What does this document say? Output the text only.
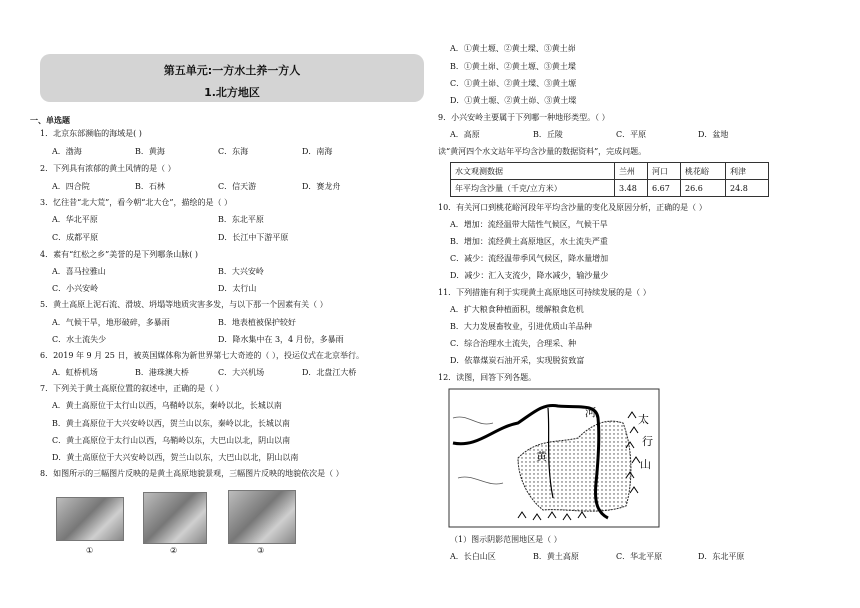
第五单元:一方水土养一方人
1.北方地区
一、单选题
1．北京东部濒临的海域是( )
A．渤海	B．黄海	C．东海	D．南海
2．下列具有浓郁的黄土风情的是（ ）
A．四合院	B．石林	C．信天游	D．赛龙舟
3．忆往昔“北大荒”，看今朝“北大仓”，描绘的是（ ）
A．华北平原	B．东北平原
C．成都平原	D．长江中下游平原
4．素有“红松之乡”美誉的是下列哪条山脉( )
A．喜马拉雅山	B．大兴安岭
C．小兴安岭	D．太行山
5．黄土高原上泥石流、滑坡、坍塌等地质灾害多发，与以下那一个因素有关（ ）
A．气候干旱，地形破碎，多暴雨	B．地表植被保护较好
C．水土流失少	D．降水集中在 3，4 月份，多暴雨
6．2019 年 9 月 25 日，被英国媒体称为新世界第七大奇迹的（ ），投运仪式在北京举行。
A．虹桥机场	B．港珠澳大桥	C．大兴机场	D．北盘江大桥
7．下列关于黄土高原位置的叙述中，正确的是（ ）
A．黄土高原位于太行山以西，乌鞘岭以东，秦岭以北，长城以南
B．黄土高原位于大兴安岭以西，贺兰山以东，秦岭以北，长城以南
C．黄土高原位于太行山以西，乌鞘岭以东，大巴山以北，阴山以南
D．黄土高原位于大兴安岭以西，贺兰山以东，大巴山以北，阴山以南
8．如图所示的三幅图片反映的是黄土高原地貌景观，三幅图片反映的地貌依次是（ ）
①	②	③
A．①黄土塬、②黄土墚、③黄土峁
B．①黄土峁、②黄土塬、③黄土墚
C．①黄土峁、②黄土墚、③黄土塬
D．①黄土塬、②黄土峁、③黄土墚
9．小兴安岭主要属于下列哪一种地形类型。（ ）
A．高原	B．丘陵	C．平原	D．盆地
读“黄河四个水文站年平均含沙量的数据资料”，完成问题。
水文观测数据	兰州	河口	桃花峪	利津
年平均含沙量（千克/立方米）	3.48	6.67	26.6	24.8
10．有关河口到桃花峪河段年平均含沙量的变化及原因分析，正确的是（ ）
A．增加：流经温带大陆性气候区，气候干旱
B．增加：流经黄土高原地区，水土流失严重
C．减少：流经温带季风气候区，降水量增加
D．减少：汇入支流少，降水减少，输沙量少
11．下列措施有利于实现黄土高原地区可持续发展的是（ ）
A．扩大粮食种植面积，缓解粮食危机
B．大力发展畜牧业，引进优质山羊品种
C．综合治理水土流失，合理采、种
D．依靠煤炭石油开采，实现脱贫致富
12．读图，回答下列各题。
河
太
行
山
黄
（1）图示阴影范围地区是（ ）
A．长白山区	B．黄土高原	C．华北平原	D．东北平原
